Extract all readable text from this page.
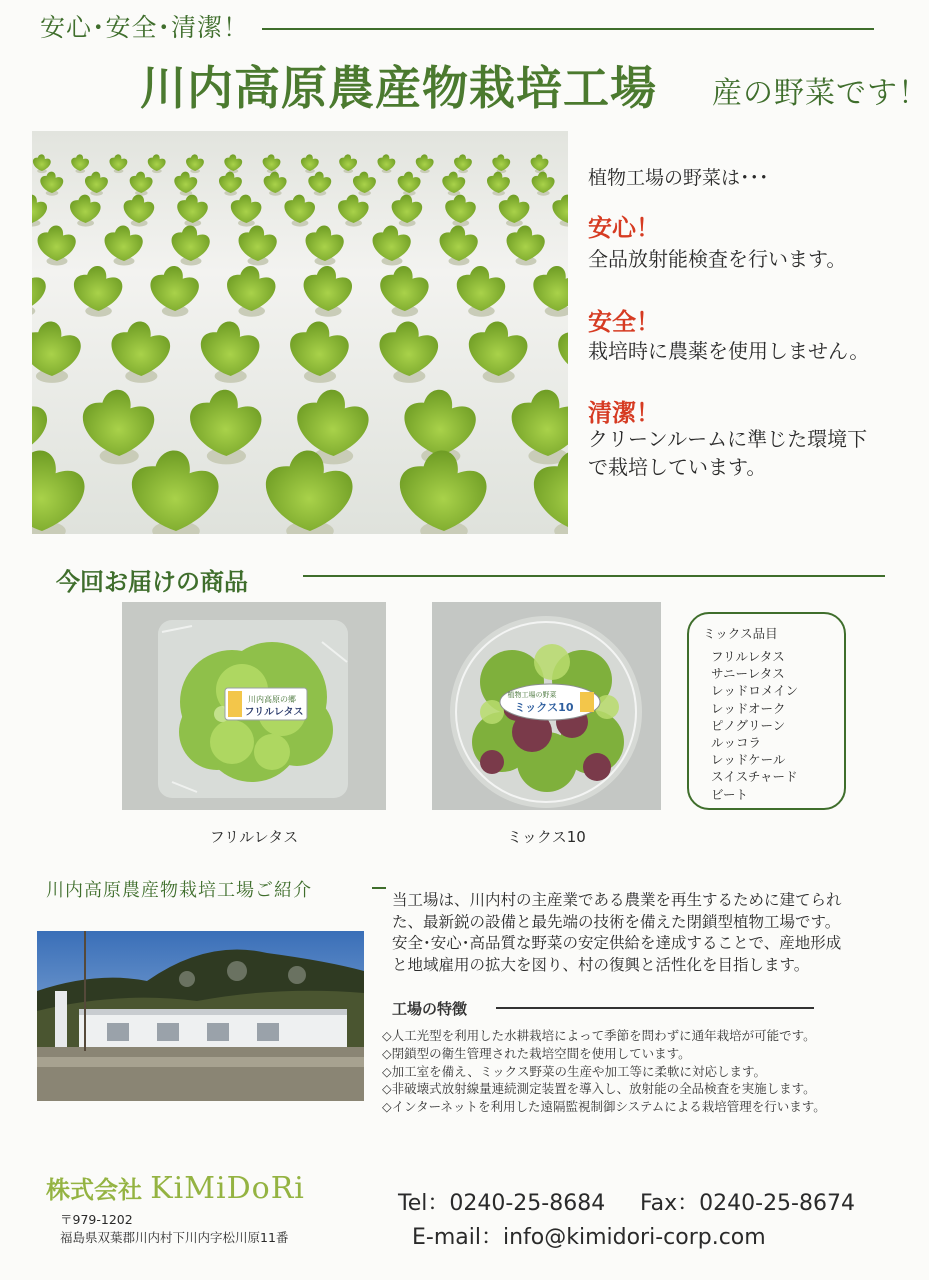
安心･安全･清潔！
川内高原農産物栽培工場 産の野菜です！
植物工場の野菜は･･･
安心！
全品放射能検査を行います。
安全！
栽培時に農薬を使用しません。
清潔！
クリーンルームに準じた環境下
で栽培しています。
今回お届けの商品
川内高原の郷
フリルレタス
フリルレタス
植物工場の野菜
ミックス10
ミックス10
ミックス品目
フリルレタス
サニーレタス
レッドロメイン
レッドオーク
ピノグリーン
ルッコラ
レッドケール
スイスチャード
ビート
川内高原農産物栽培工場ご紹介	当工場は、川内村の主産業である農業を再生するために建てられ

た、最新鋭の設備と最先端の技術を備えた閉鎖型植物工場です。

安全･安心･高品質な野菜の安定供給を達成することで、産地形成

と地域雇用の拡大を図り、村の復興と活性化を目指します。

工場の特徴
◇人工光型を利用した水耕栽培によって季節を問わずに通年栽培が可能です。
◇閉鎖型の衛生管理された栽培空間を使用しています。
◇加工室を備え、ミックス野菜の生産や加工等に柔軟に対応します。
◇非破壊式放射線量連続測定装置を導入し、放射能の全品検査を実施します。
◇インターネットを利用した遠隔監視制御システムによる栽培管理を行います。
株式会社 KiMiDoRi
〒979-1202
福島県双葉郡川内村下川内字松川原11番
Tel：0240-25-8684 Fax：0240-25-8674
E-mail：info@kimidori-corp.com
